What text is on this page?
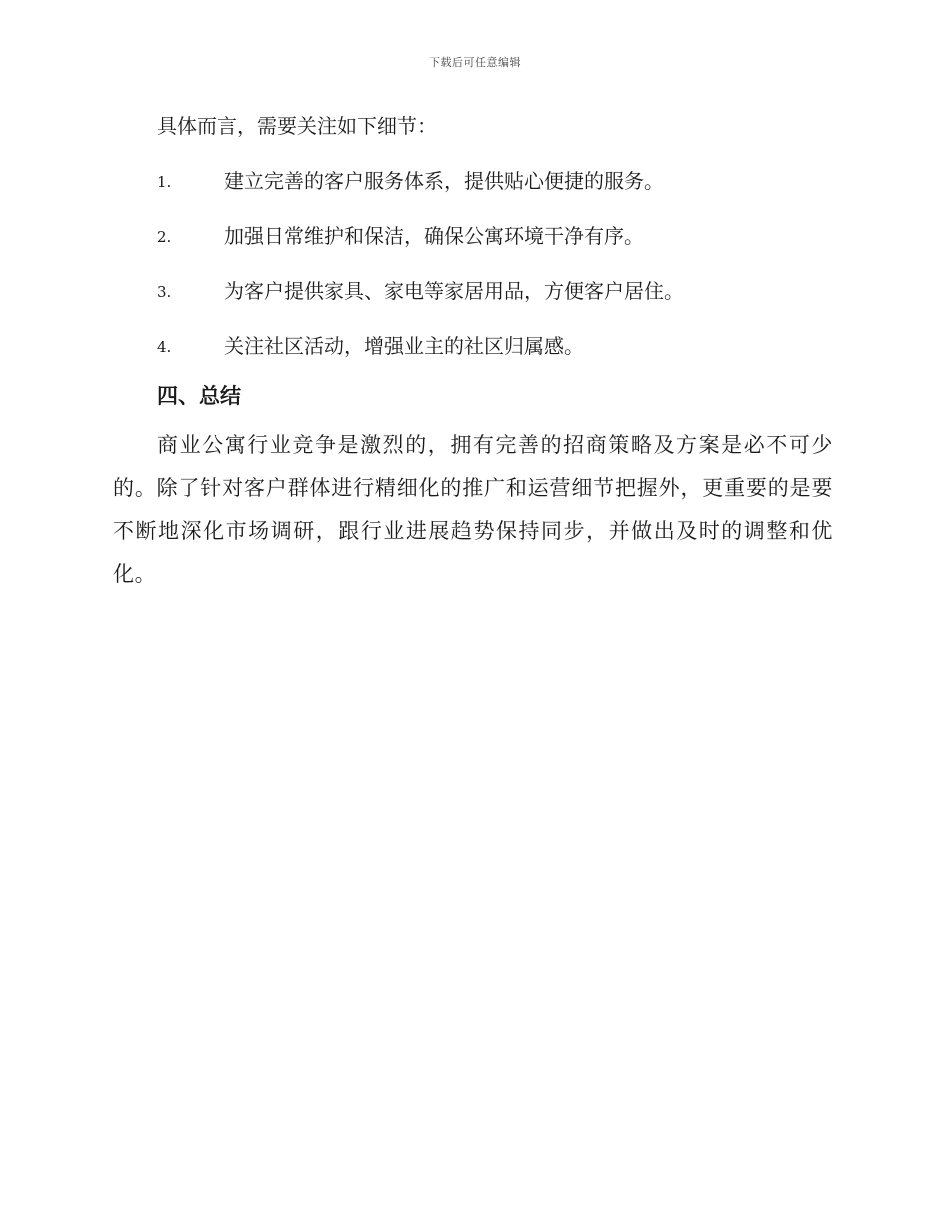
下载后可任意编辑

具体而言，需要关注如下细节：

1.	建立完善的客户服务体系，提供贴心便捷的服务。
2.	加强日常维护和保洁，确保公寓环境干净有序。
3.	为客户提供家具、家电等家居用品，方便客户居住。
4.	关注社区活动，增强业主的社区归属感。
四、总结

商业公寓行业竞争是激烈的，拥有完善的招商策略及方案是必不可少的。除了针对客户群体进行精细化的推广和运营细节把握外，更重要的是要不断地深化市场调研，跟行业进展趋势保持同步，并做出及时的调整和优化。
